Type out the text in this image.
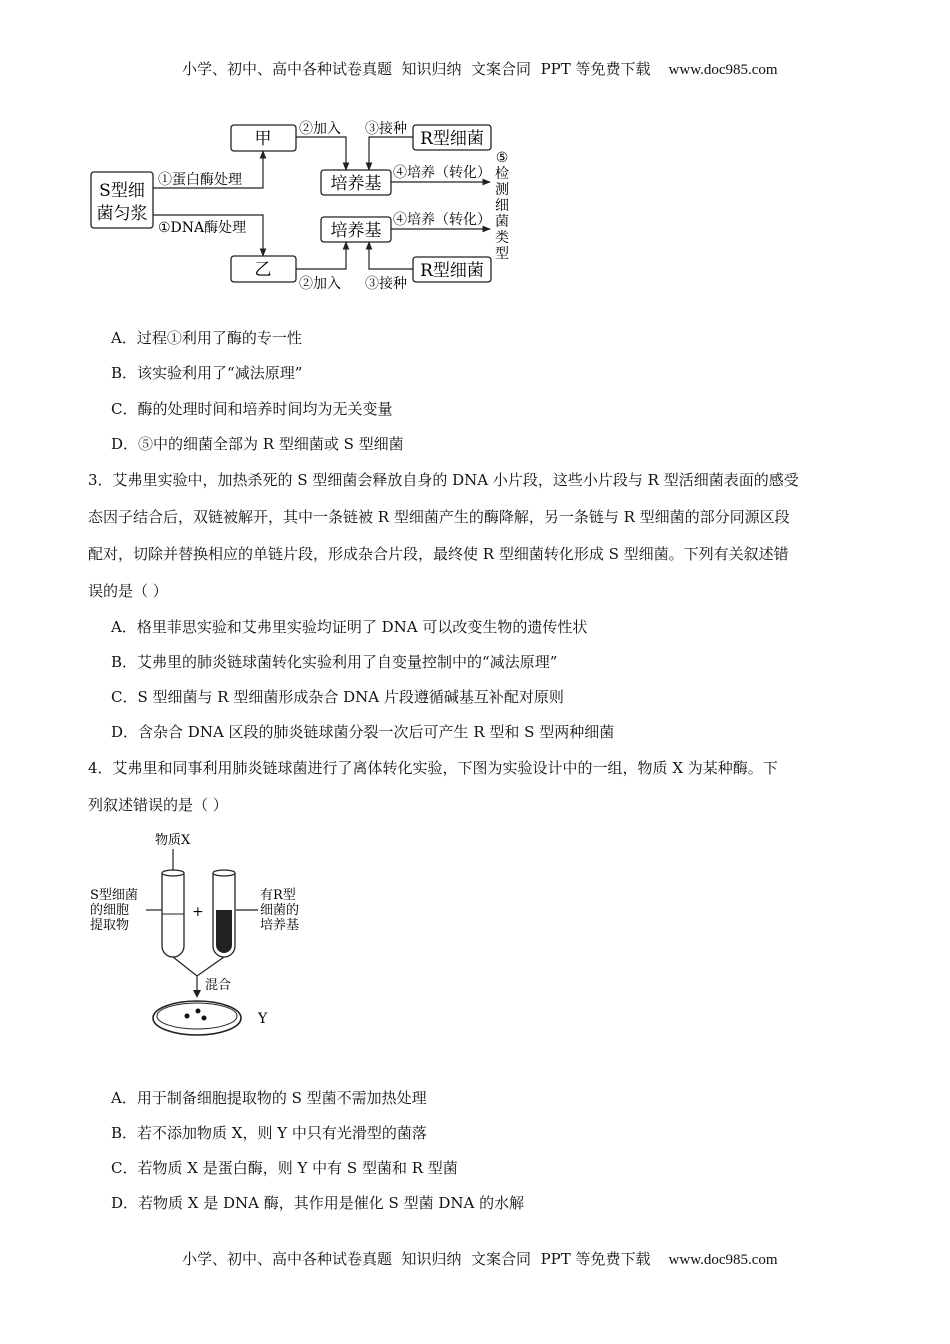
小学、初中、高中各种试卷真题  知识归纳  文案合同  PPT 等免费下载 www.doc985.com

S型细
菌匀浆
甲
乙
培养基
培养基
R型细菌
R型细菌
①蛋白酶处理
①DNA酶处理
②加入 ③接种
②加入 ③接种
④培养（转化）
④培养（转化）
⑤
检
测
细
菌
类
型
A．过程①利用了酶的专一性
B．该实验利用了“减法原理”
C．酶的处理时间和培养时间均为无关变量
D．⑤中的细菌全部为 R 型细菌或 S 型细菌
3．艾弗里实验中，加热杀死的 S 型细菌会释放自身的 DNA 小片段，这些小片段与 R 型活细菌表面的感受
态因子结合后，双链被解开，其中一条链被 R 型细菌产生的酶降解，另一条链与 R 型细菌的部分同源区段
配对，切除并替换相应的单链片段，形成杂合片段，最终使 R 型细菌转化形成 S 型细菌。下列有关叙述错
误的是（ ）
A．格里菲思实验和艾弗里实验均证明了 DNA 可以改变生物的遗传性状
B．艾弗里的肺炎链球菌转化实验利用了自变量控制中的“减法原理”
C．S 型细菌与 R 型细菌形成杂合 DNA 片段遵循碱基互补配对原则
D．含杂合 DNA 区段的肺炎链球菌分裂一次后可产生 R 型和 S 型两种细菌
4．艾弗里和同事利用肺炎链球菌进行了离体转化实验，下图为实验设计中的一组，物质 X 为某种酶。下
列叙述错误的是（ ）
物质X
S型细菌
的细胞
提取物
+
有R型
细菌的
培养基
混合
Y
A．用于制备细胞提取物的 S 型菌不需加热处理
B．若不添加物质 X，则 Y 中只有光滑型的菌落
C．若物质 X 是蛋白酶，则 Y 中有 S 型菌和 R 型菌
D．若物质 X 是 DNA 酶，其作用是催化 S 型菌 DNA 的水解

小学、初中、高中各种试卷真题  知识归纳  文案合同  PPT 等免费下载 www.doc985.com
